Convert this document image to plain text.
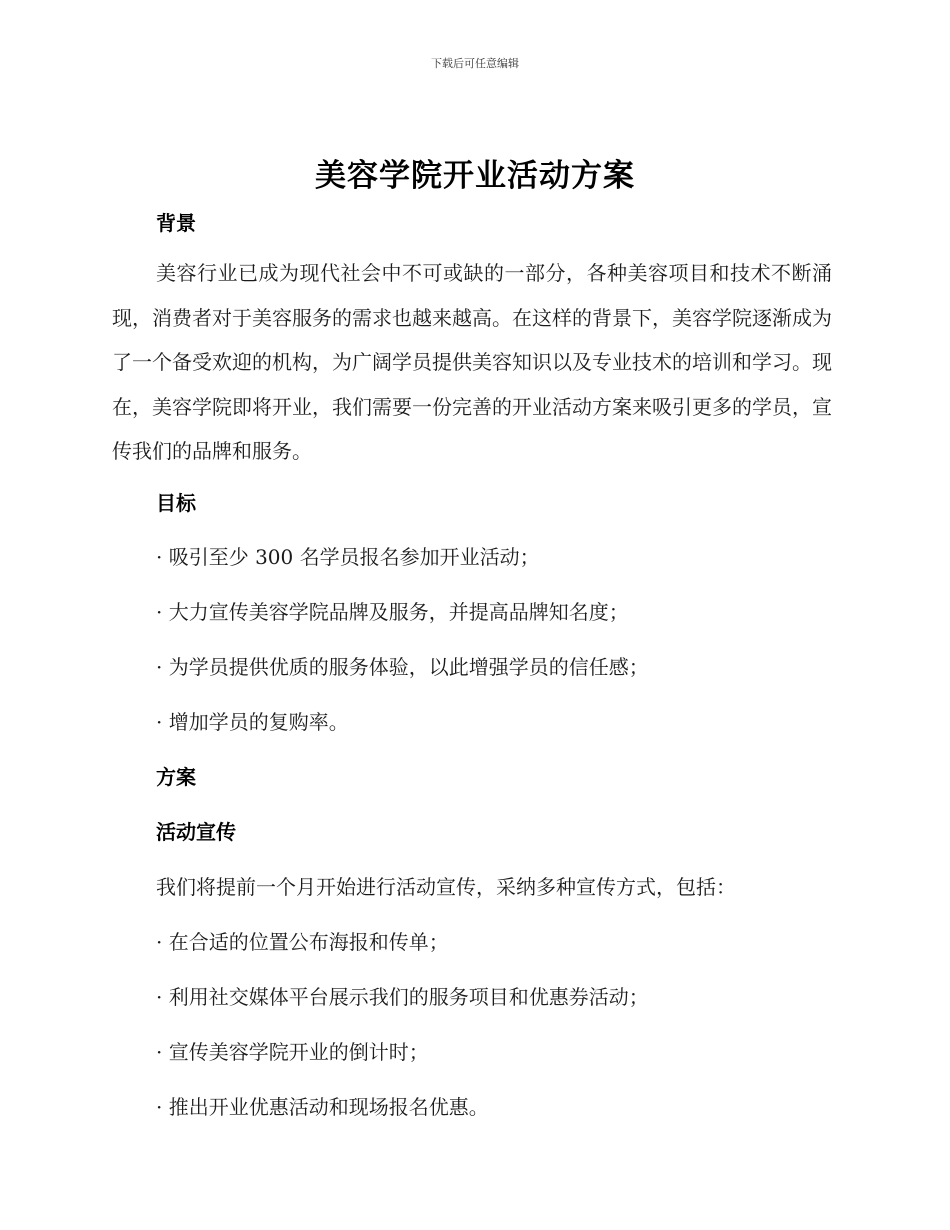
下载后可任意编辑
美容学院开业活动方案
背景
美容行业已成为现代社会中不可或缺的一部分，各种美容项目和技术不断涌现，消费者对于美容服务的需求也越来越高。在这样的背景下，美容学院逐渐成为了一个备受欢迎的机构，为广阔学员提供美容知识以及专业技术的培训和学习。现在，美容学院即将开业，我们需要一份完善的开业活动方案来吸引更多的学员，宣传我们的品牌和服务。
目标
· 吸引至少 300 名学员报名参加开业活动；
· 大力宣传美容学院品牌及服务，并提高品牌知名度；
· 为学员提供优质的服务体验，以此增强学员的信任感；
· 增加学员的复购率。
方案
活动宣传
我们将提前一个月开始进行活动宣传，采纳多种宣传方式，包括：
· 在合适的位置公布海报和传单；
· 利用社交媒体平台展示我们的服务项目和优惠券活动；
· 宣传美容学院开业的倒计时；
· 推出开业优惠活动和现场报名优惠。
